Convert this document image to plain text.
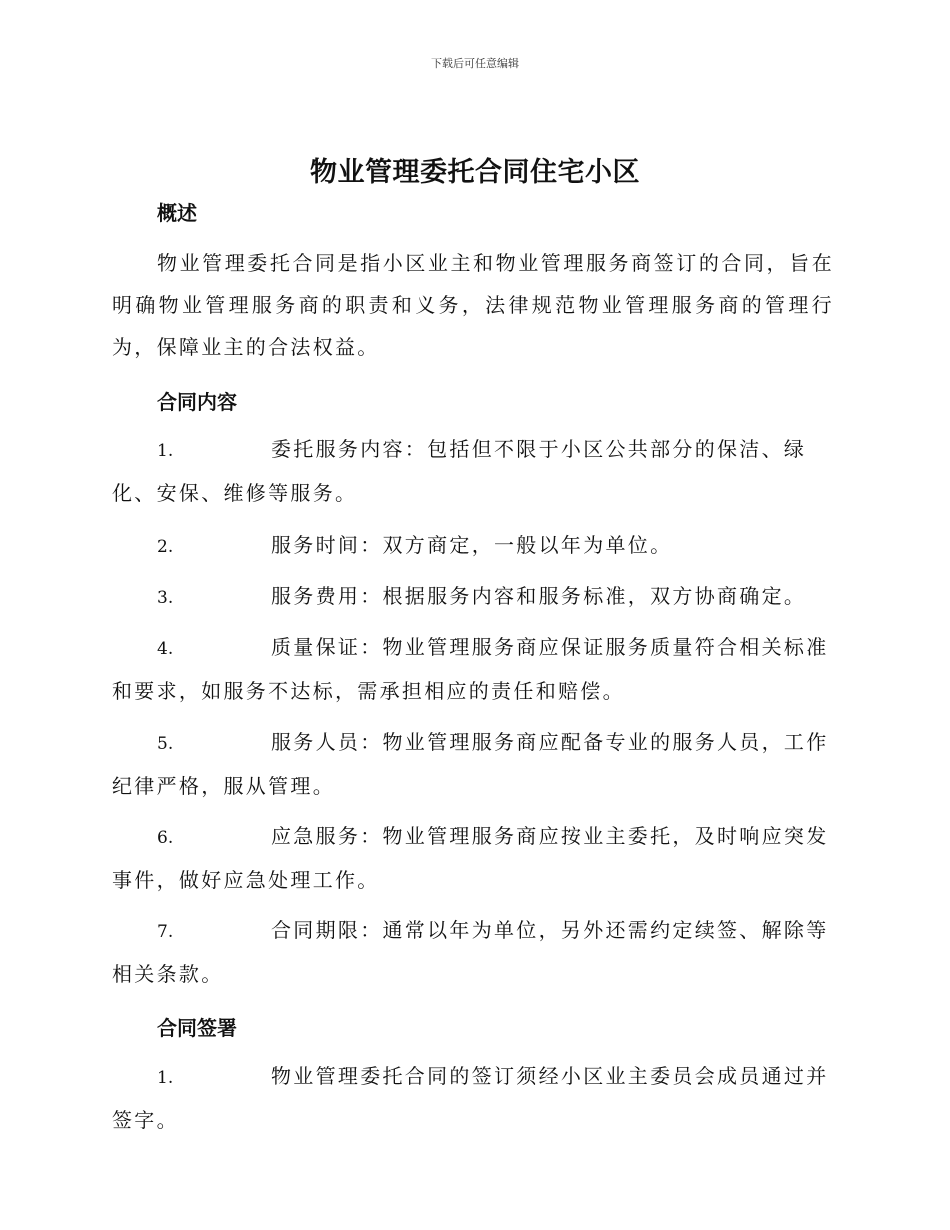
下载后可任意编辑
物业管理委托合同住宅小区
概述
物业管理委托合同是指小区业主和物业管理服务商签订的合同，旨在明确物业管理服务商的职责和义务，法律规范物业管理服务商的管理行为，保障业主的合法权益。
合同内容
1.	委托服务内容：包括但不限于小区公共部分的保洁、绿化、安保、维修等服务。
2.	服务时间：双方商定，一般以年为单位。
3.	服务费用：根据服务内容和服务标准，双方协商确定。
4.	质量保证：物业管理服务商应保证服务质量符合相关标准和要求，如服务不达标，需承担相应的责任和赔偿。
5.	服务人员：物业管理服务商应配备专业的服务人员，工作纪律严格，服从管理。
6.	应急服务：物业管理服务商应按业主委托，及时响应突发事件，做好应急处理工作。
7.	合同期限：通常以年为单位，另外还需约定续签、解除等相关条款。
合同签署
1.	物业管理委托合同的签订须经小区业主委员会成员通过并签字。
